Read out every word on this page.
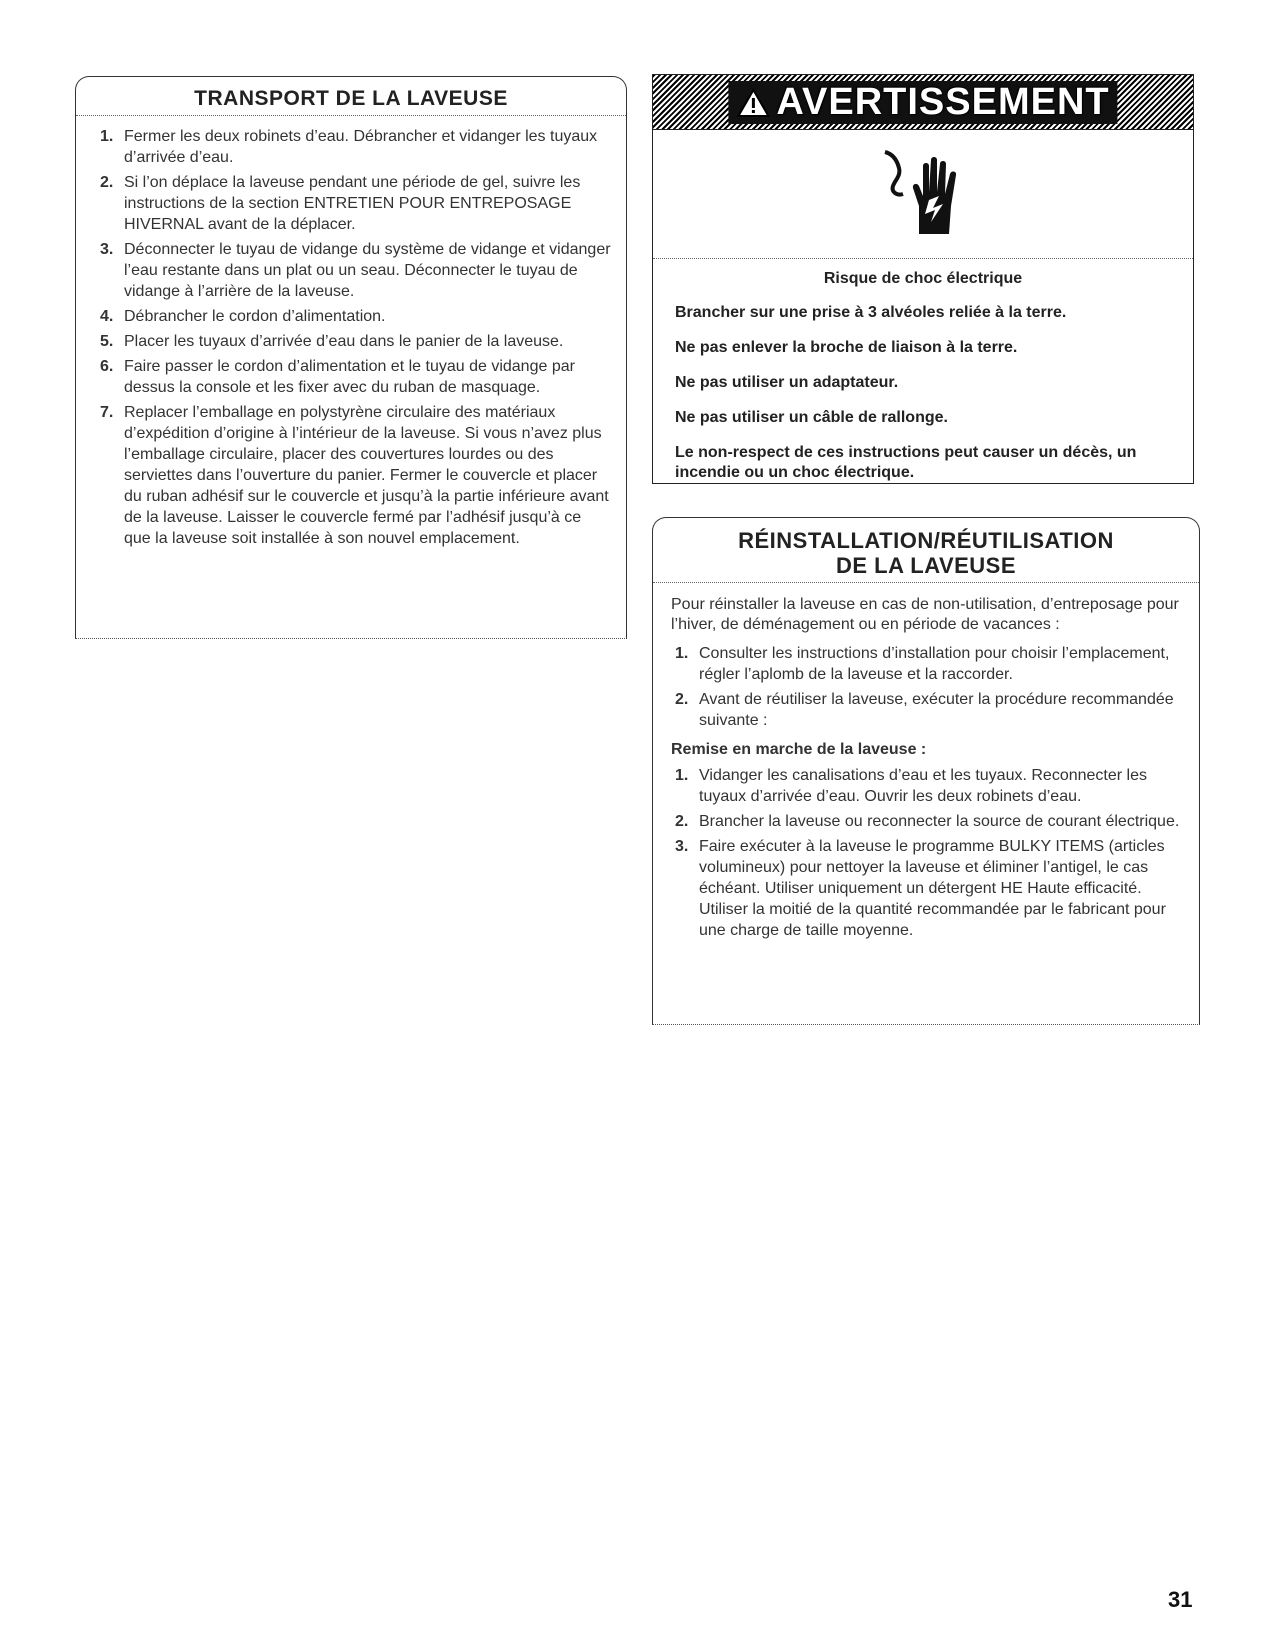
TRANSPORT DE LA LAVEUSE
1. Fermer les deux robinets d’eau. Débrancher et vidanger les tuyaux d’arrivée d’eau.
2. Si l’on déplace la laveuse pendant une période de gel, suivre les instructions de la section ENTRETIEN POUR ENTREPOSAGE HIVERNAL avant de la déplacer.
3. Déconnecter le tuyau de vidange du système de vidange et vidanger l’eau restante dans un plat ou un seau. Déconnecter le tuyau de vidange à l’arrière de la laveuse.
4. Débrancher le cordon d’alimentation.
5. Placer les tuyaux d’arrivée d’eau dans le panier de la laveuse.
6. Faire passer le cordon d’alimentation et le tuyau de vidange par dessus la console et les fixer avec du ruban de masquage.
7. Replacer l’emballage en polystyrène circulaire des matériaux d’expédition d’origine à l’intérieur de la laveuse. Si vous n’avez plus l’emballage circulaire, placer des couvertures lourdes ou des serviettes dans l’ouverture du panier. Fermer le couvercle et placer du ruban adhésif sur le couvercle et jusqu’à la partie inférieure avant de la laveuse. Laisser le couvercle fermé par l’adhésif jusqu’à ce que la laveuse soit installée à son nouvel emplacement.
AVERTISSEMENT

Risque de choc électrique

Brancher sur une prise à 3 alvéoles reliée à la terre.

Ne pas enlever la broche de liaison à la terre.

Ne pas utiliser un adaptateur.

Ne pas utiliser un câble de rallonge.

Le non-respect de ces instructions peut causer un décès, un incendie ou un choc électrique.

RÉINSTALLATION/RÉUTILISATION
DE LA LAVEUSE

Pour réinstaller la laveuse en cas de non-utilisation, d’entreposage pour l’hiver, de déménagement ou en période de vacances :

1. Consulter les instructions d’installation pour choisir l’emplacement, régler l’aplomb de la laveuse et la raccorder.
2. Avant de réutiliser la laveuse, exécuter la procédure recommandée suivante :
Remise en marche de la laveuse :
1. Vidanger les canalisations d’eau et les tuyaux. Reconnecter les tuyaux d’arrivée d’eau. Ouvrir les deux robinets d’eau.
2. Brancher la laveuse ou reconnecter la source de courant électrique.
3. Faire exécuter à la laveuse le programme BULKY ITEMS (articles volumineux) pour nettoyer la laveuse et éliminer l’antigel, le cas échéant. Utiliser uniquement un détergent HE Haute efficacité. Utiliser la moitié de la quantité recommandée par le fabricant pour une charge de taille moyenne.
31
